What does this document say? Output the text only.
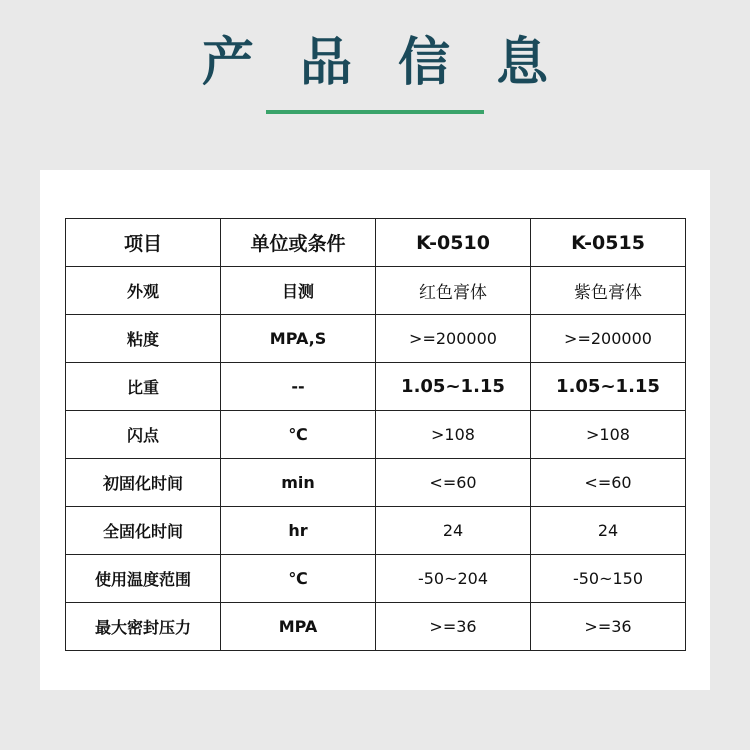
产 品 信 息
项目	单位或条件	K-0510	K-0515
外观	目测	红色膏体	紫色膏体
粘度	MPA,S	>=200000	>=200000
比重	--	1.05~1.15	1.05~1.15
闪点	℃	>108	>108
初固化时间	min	<=60	<=60
全固化时间	hr	24	24
使用温度范围	℃	-50~204	-50~150
最大密封压力	MPA	>=36	>=36
